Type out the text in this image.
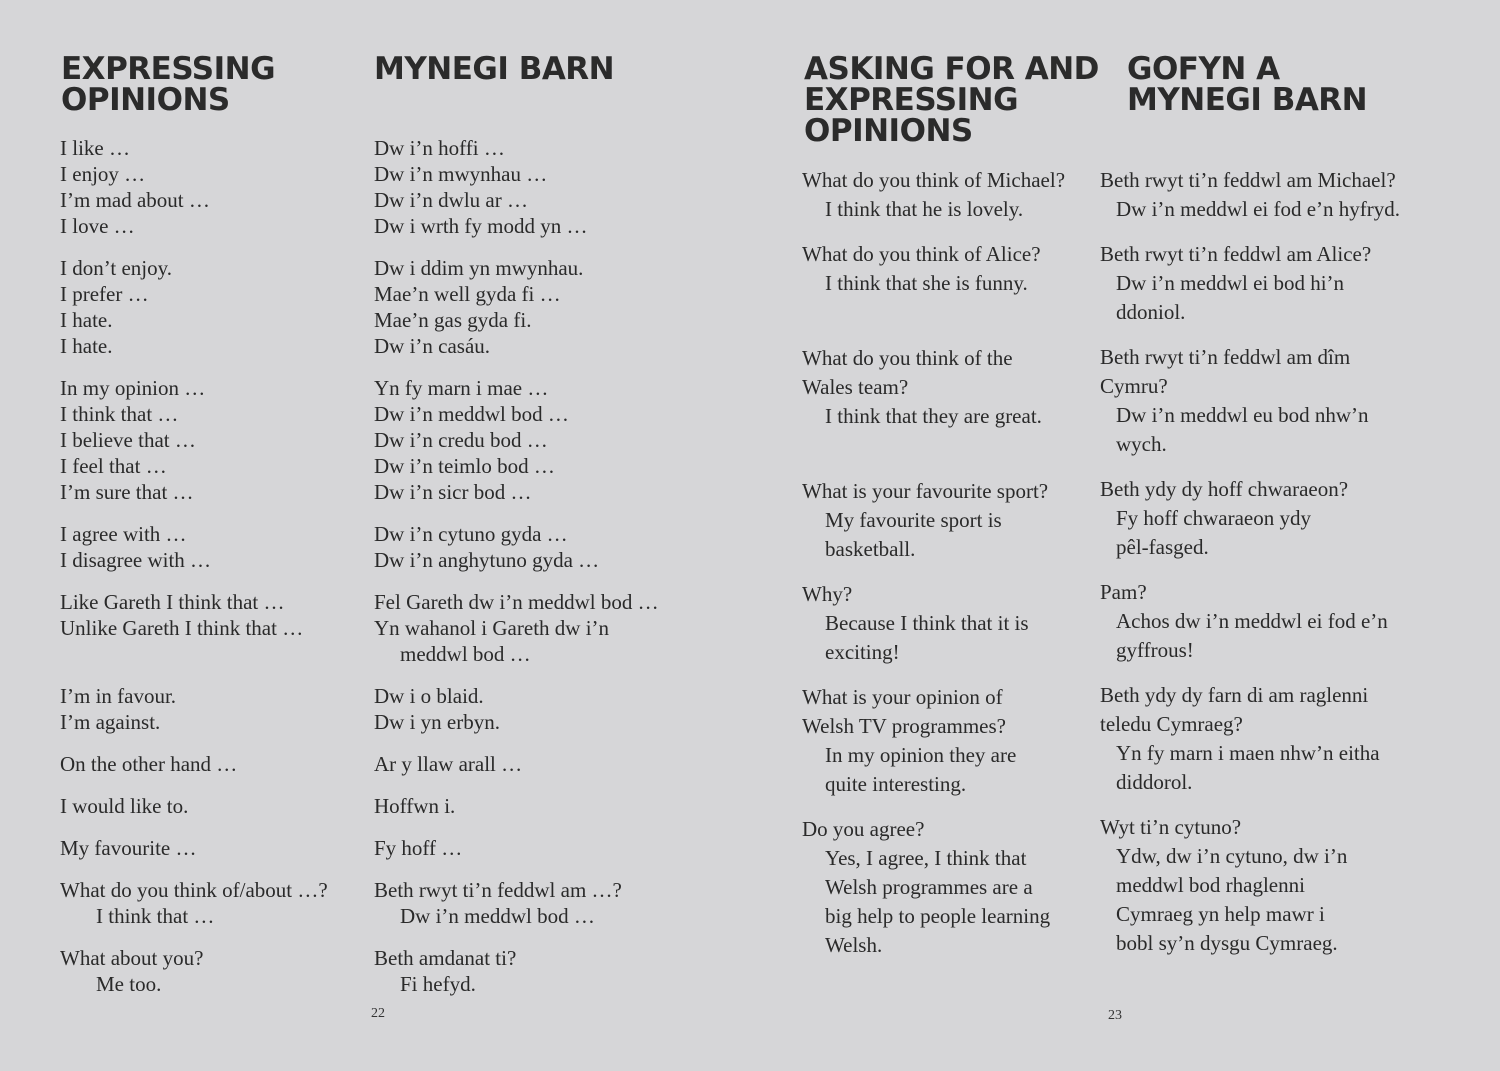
EXPRESSING
OPINIONS
MYNEGI BARN
I like …
I enjoy …
I’m mad about …
I love …
I don’t enjoy.
I prefer …
I hate.
I hate.
In my opinion …
I think that …
I believe that …
I feel that …
I’m sure that …
I agree with …
I disagree with …
Like Gareth I think that …
Unlike Gareth I think that …
I’m in favour.
I’m against.
On the other hand …
I would like to.
My favourite …
What do you think of/about …?
I think that …
What about you?
Me too.
Dw i’n hoffi …
Dw i’n mwynhau …
Dw i’n dwlu ar …
Dw i wrth fy modd yn …
Dw i ddim yn mwynhau.
Mae’n well gyda fi …
Mae’n gas gyda fi.
Dw i’n casáu.
Yn fy marn i mae …
Dw i’n meddwl bod …
Dw i’n credu bod …
Dw i’n teimlo bod …
Dw i’n sicr bod …
Dw i’n cytuno gyda …
Dw i’n anghytuno gyda …
Fel Gareth dw i’n meddwl bod …
Yn wahanol i Gareth dw i’n
meddwl bod …
Dw i o blaid.
Dw i yn erbyn.
Ar y llaw arall …
Hoffwn i.
Fy hoff …
Beth rwyt ti’n feddwl am …?
Dw i’n meddwl bod …
Beth amdanat ti?
Fi hefyd.
22
ASKING FOR AND
EXPRESSING
OPINIONS
GOFYN A
MYNEGI BARN
What do you think of Michael?
I think that he is lovely.
What do you think of Alice?
I think that she is funny.
What do you think of the
Wales team?
I think that they are great.
What is your favourite sport?
My favourite sport is
basketball.
Why?
Because I think that it is
exciting!
What is your opinion of
Welsh TV programmes?
In my opinion they are
quite interesting.
Do you agree?
Yes, I agree, I think that
Welsh programmes are a
big help to people learning
Welsh.
Beth rwyt ti’n feddwl am Michael?
Dw i’n meddwl ei fod e’n hyfryd.
Beth rwyt ti’n feddwl am Alice?
Dw i’n meddwl ei bod hi’n
ddoniol.
Beth rwyt ti’n feddwl am dîm
Cymru?
Dw i’n meddwl eu bod nhw’n
wych.
Beth ydy dy hoff chwaraeon?
Fy hoff chwaraeon ydy
pêl-fasged.
Pam?
Achos dw i’n meddwl ei fod e’n
gyffrous!
Beth ydy dy farn di am raglenni
teledu Cymraeg?
Yn fy marn i maen nhw’n eitha
diddorol.
Wyt ti’n cytuno?
Ydw, dw i’n cytuno, dw i’n
meddwl bod rhaglenni
Cymraeg yn help mawr i
bobl sy’n dysgu Cymraeg.
23
